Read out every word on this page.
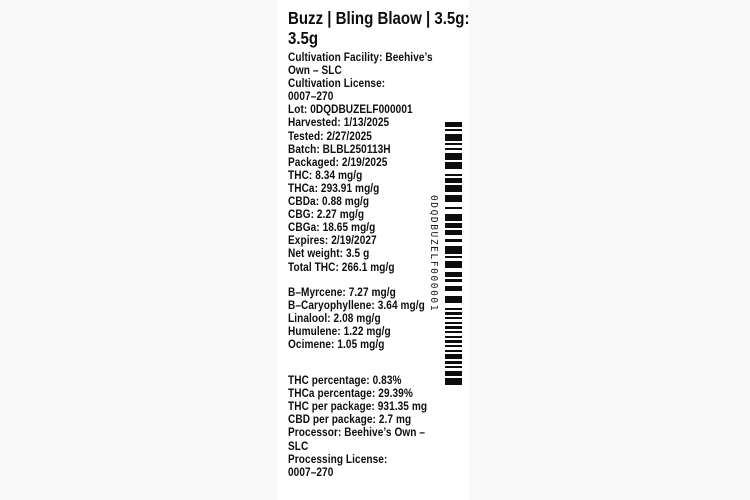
Buzz | Bling Blaow | 3.5g:
3.5g
Cultivation Facility: Beehive’s
Own – SLC
Cultivation License:
0007–270
Lot: 0DQDBUZELF000001
Harvested: 1/13/2025
Tested: 2/27/2025
Batch: BLBL250113H
Packaged: 2/19/2025
THC: 8.34 mg/g
THCa: 293.91 mg/g
CBDa: 0.88 mg/g
CBG: 2.27 mg/g
CBGa: 18.65 mg/g
Expires: 2/19/2027
Net weight: 3.5 g
Total THC: 266.1 mg/g
B–Myrcene: 7.27 mg/g
B–Caryophyllene: 3.64 mg/g
Linalool: 2.08 mg/g
Humulene: 1.22 mg/g
Ocimene: 1.05 mg/g
THC percentage: 0.83%
THCa percentage: 29.39%
THC per package: 931.35 mg
CBD per package: 2.7 mg
Processor: Beehive’s Own –
SLC
Processing License:
0007–270
0DQDBUZELF000001
